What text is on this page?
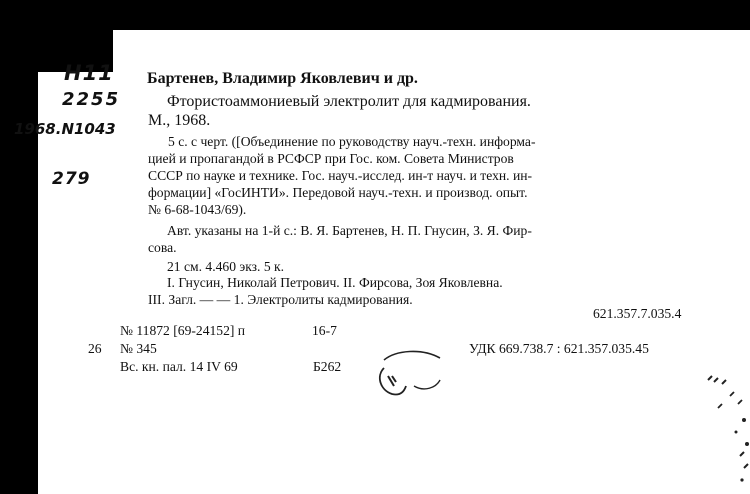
Н11
2255
1968.N1043
279
Бартенев, Владимир Яковлевич и др.
Фтористоаммониевый электролит для кадмирования.
М., 1968.
5 с. с черт. ([Объединение по руководству науч.-техн. информа-
цией и пропагандой в РСФСР при Гос. ком. Совета Министров
СССР по науке и технике. Гос. науч.-исслед. ин-т науч. и техн. ин-
формации] «ГосИНТИ». Передовой науч.-техн. и производ. опыт.
№ 6-68-1043/69).
Авт. указаны на 1-й с.: В. Я. Бартенев, Н. П. Гнусин, З. Я. Фир-
сова.
21 см. 4.460 экз. 5 к.
I. Гнусин, Николай Петрович. II. Фирсова, Зоя Яковлевна.
III. Загл. — — 1. Электролиты кадмирования.
621.357.7.035.4
№ 11872 [69-24152] п	16-7
26 № 345	УДК 669.738.7 : 621.357.035.45
Вс. кн. пал. 14 IV 69	Б262
